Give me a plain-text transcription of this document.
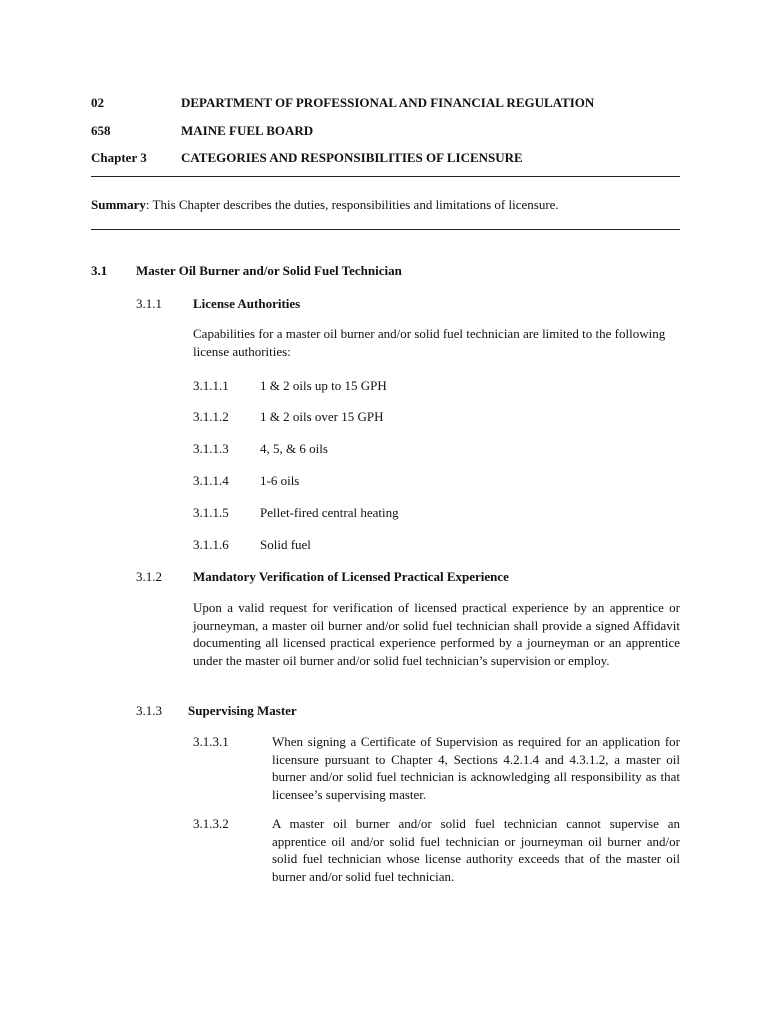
02	DEPARTMENT OF PROFESSIONAL AND FINANCIAL REGULATION
658	MAINE FUEL BOARD
Chapter 3	CATEGORIES AND RESPONSIBILITIES OF LICENSURE
Summary: This Chapter describes the duties, responsibilities and limitations of licensure.
3.1 Master Oil Burner and/or Solid Fuel Technician
3.1.1 License Authorities
Capabilities for a master oil burner and/or solid fuel technician are limited to the following license authorities:
3.1.1.1 1 & 2 oils up to 15 GPH
3.1.1.2 1 & 2 oils over 15 GPH
3.1.1.3 4, 5, & 6 oils
3.1.1.4 1-6 oils
3.1.1.5 Pellet-fired central heating
3.1.1.6 Solid fuel
3.1.2 Mandatory Verification of Licensed Practical Experience
Upon a valid request for verification of licensed practical experience by an apprentice or journeyman, a master oil burner and/or solid fuel technician shall provide a signed Affidavit documenting all licensed practical experience performed by a journeyman or an apprentice under the master oil burner and/or solid fuel technician’s supervision or employ.
3.1.3 Supervising Master
3.1.3.1	When signing a Certificate of Supervision as required for an application for licensure pursuant to Chapter 4, Sections 4.2.1.4 and 4.3.1.2, a master oil burner and/or solid fuel technician is acknowledging all responsibility as that licensee’s supervising master.
3.1.3.2	A master oil burner and/or solid fuel technician cannot supervise an apprentice oil and/or solid fuel technician or journeyman oil burner and/or solid fuel technician whose license authority exceeds that of the master oil burner and/or solid fuel technician.
